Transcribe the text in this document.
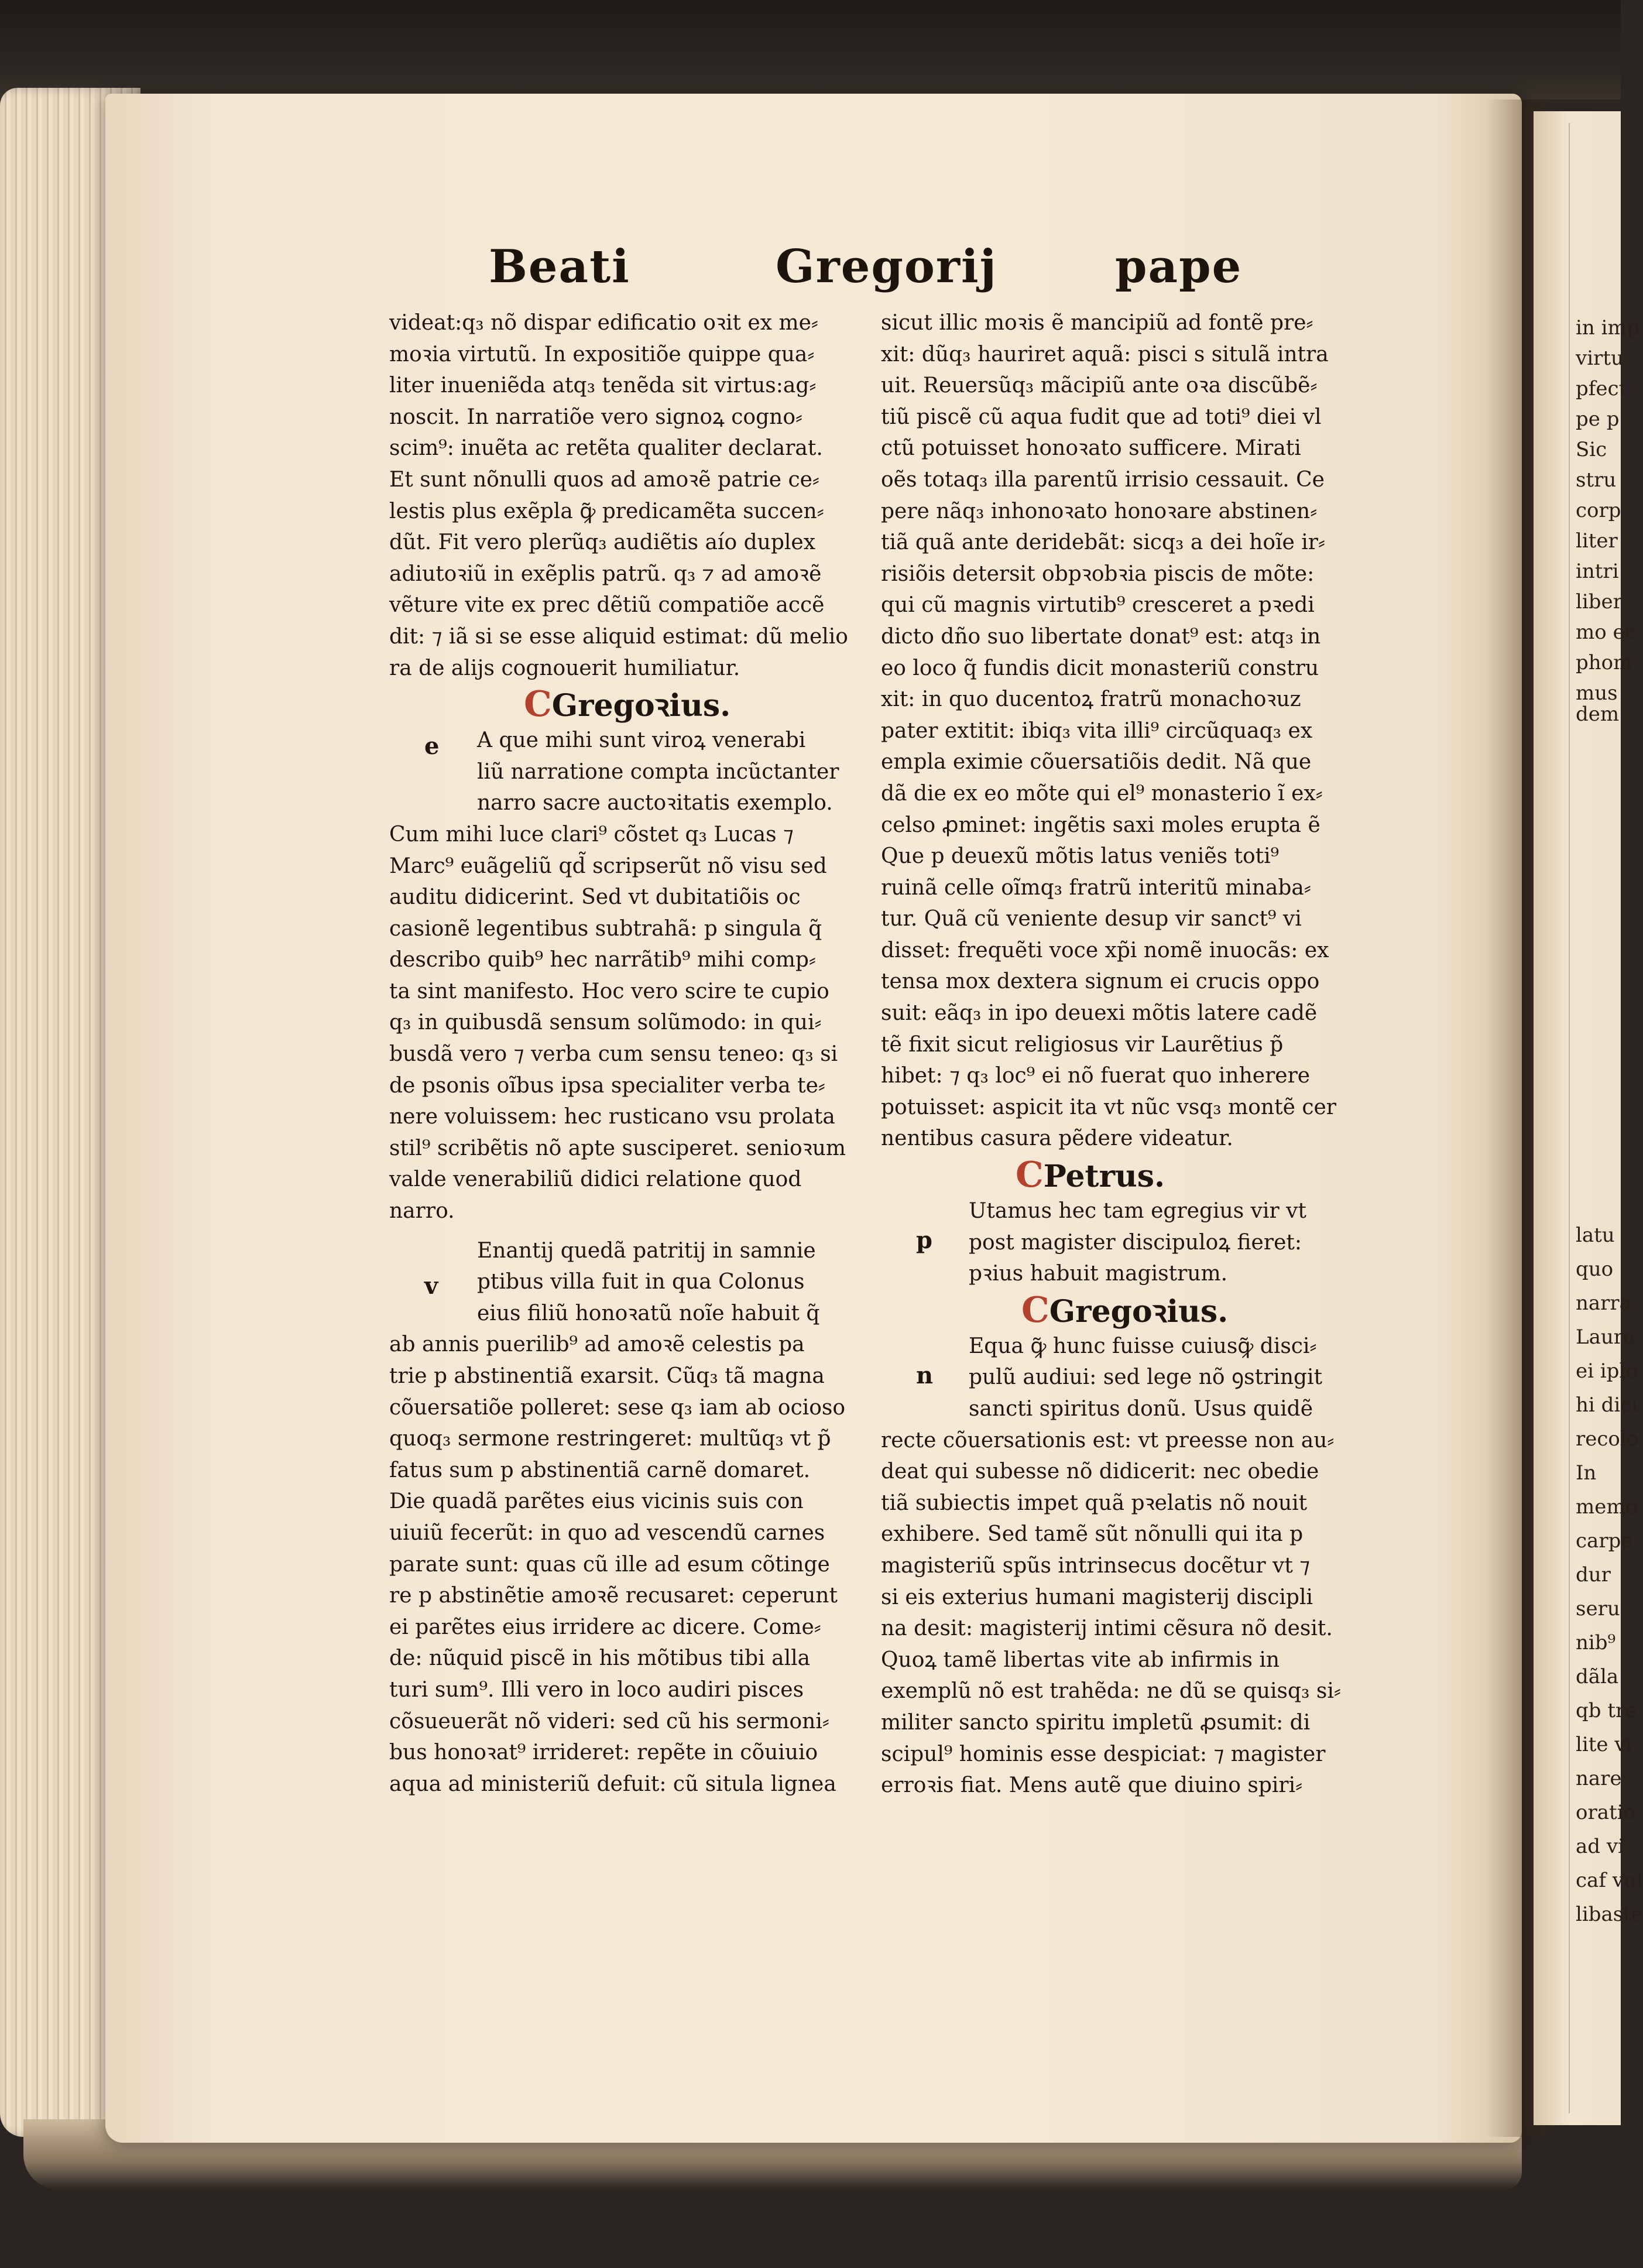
in imp
virtu
pfect
pe p
Sic
stru
corp
liter
intri
liber
mo ec
phom
mus
dem
latu
quo
narra
Laure
ei iplo
hi dici
recolo
In
memo
carpe
dur
seru
nib⁹
dãla
qb tre
lite vi
nare
oratio
ad vi
caf vul
libaste
Beati	Gregorij	pape
videat:q₃ nõ dispar edificatio oꝛit ex me⸗
moꝛia virtutũ. In expositiõe quippe qua⸗
liter inueniẽda atq₃ tenẽda sit virtus:ag⸗
noscit. In narratiõe vero signoꝝ cogno⸗
scim⁹: inuẽta ac retẽta qualiter declarat.
Et sunt nõnulli quos ad amoꝛẽ patrie ce⸗
lestis plus exẽpla ꝙ̃ predicamẽta succen⸗
dũt. Fit vero plerũq₃ audiẽtis aío duplex
adiutoꝛiũ in exẽplis patrũ. q₃ ⁊ ad amoꝛẽ
vẽture vite ex prec dẽtiũ compatiõe accẽ
dit: ⁊ iã si se esse aliquid estimat: dũ melio
ra de alijs cognouerit humiliatur.
CGregoꝛius.
e	A que mihi sunt viroꝝ venerabi
liũ narratione compta incũctanter
narro sacre auctoꝛitatis exemplo.
Cum mihi luce clari⁹ cõstet q₃ Lucas ⁊
Marc⁹ euãgeliũ qd̃ scripserũt nõ visu sed
auditu didicerint. Sed vt dubitatiõis oc
casionẽ legentibus subtrahã: p singula q̃
describo quib⁹ hec narrãtib⁹ mihi comp⸗
ta sint manifesto. Hoc vero scire te cupio
q₃ in quibusdã sensum solũmodo: in qui⸗
busdã vero ⁊ verba cum sensu teneo: q₃ si
de psonis oĩbus ipsa specialiter verba te⸗
nere voluissem: hec rusticano vsu prolata
stil⁹ scribẽtis nõ apte susciperet. senioꝛum
valde venerabiliũ didici relatione quod
narro.
v
Enantij quedã patritij in samnie
ptibus villa fuit in qua Colonus
eius filiũ honoꝛatũ noĩe habuit q̃
ab annis puerilib⁹ ad amoꝛẽ celestis pa
trie p abstinentiã exarsit. Cũq₃ tã magna
cõuersatiõe polleret: sese q₃ iam ab ocioso
quoq₃ sermone restringeret: multũq₃ vt p̃
fatus sum p abstinentiã carnẽ domaret.
Die quadã parẽtes eius vicinis suis con
uiuiũ fecerũt: in quo ad vescendũ carnes
parate sunt: quas cũ ille ad esum cõtinge
re p abstinẽtie amoꝛẽ recusaret: ceperunt
ei parẽtes eius irridere ac dicere. Come⸗
de: nũquid piscẽ in his mõtibus tibi alla
turi sum⁹. Illi vero in loco audiri pisces
cõsueuerãt nõ videri: sed cũ his sermoni⸗
bus honoꝛat⁹ irrideret: repẽte in cõuiuio
aqua ad ministeriũ defuit: cũ situla lignea
sicut illic moꝛis ẽ mancipiũ ad fontẽ pre⸗
xit: dũq₃ hauriret aquã: pisci s situlã intra
uit. Reuersũq₃ mãcipiũ ante oꝛa discũbẽ⸗
tiũ piscẽ cũ aqua fudit que ad toti⁹ diei vl
ctũ potuisset honoꝛato sufficere. Mirati
oẽs totaq₃ illa parentũ irrisio cessauit. Ce
pere nãq₃ inhonoꝛato honoꝛare abstinen⸗
tiã quã ante deridebãt: sicq₃ a dei hoĩe ir⸗
risiõis detersit obpꝛobꝛia piscis de mõte:
qui cũ magnis virtutib⁹ cresceret a pꝛedi
dicto dño suo libertate donat⁹ est: atq₃ in
eo loco q̃ fundis dicit monasteriũ constru
xit: in quo ducentoꝝ fratrũ monachoꝛuz
pater extitit: ibiq₃ vita illi⁹ circũquaq₃ ex
empla eximie cõuersatiõis dedit. Nã que
dã die ex eo mõte qui el⁹ monasterio ĩ ex⸗
celso ꝓminet: ingẽtis saxi moles erupta ẽ
Que p deuexũ mõtis latus veniẽs toti⁹
ruinã celle oĩmq₃ fratrũ interitũ minaba⸗
tur. Quã cũ veniente desup vir sanct⁹ vi
disset: frequẽti voce xp̃i nomẽ inuocãs: ex
tensa mox dextera signum ei crucis oppo
suit: eãq₃ in ipo deuexi mõtis latere cadẽ
tẽ fixit sicut religiosus vir Laurẽtius p̃
hibet: ⁊ q₃ loc⁹ ei nõ fuerat quo inherere
potuisset: aspicit ita vt nũc vsq₃ montẽ cer
nentibus casura pẽdere videatur.
CPetrus.
p
Utamus hec tam egregius vir vt
post magister discipuloꝝ fieret:
pꝛius habuit magistrum.
CGregoꝛius.
n
Equa ꝙ̃ hunc fuisse cuiusꝙ̃ disci⸗
pulũ audiui: sed lege nõ ꝯstringit
sancti spiritus donũ. Usus quidẽ
recte cõuersationis est: vt preesse non au⸗
deat qui subesse nõ didicerit: nec obedie
tiã subiectis impet quã pꝛelatis nõ nouit
exhibere. Sed tamẽ sũt nõnulli qui ita p
magisteriũ spũs intrinsecus docẽtur vt ⁊
si eis exterius humani magisterij discipli
na desit: magisterij intimi cẽsura nõ desit.
Quoꝝ tamẽ libertas vite ab infirmis in
exemplũ nõ est trahẽda: ne dũ se quisq₃ si⸗
militer sancto spiritu impletũ ꝓsumit: di
scipul⁹ hominis esse despiciat: ⁊ magister
erroꝛis fiat. Mens autẽ que diuino spiri⸗
